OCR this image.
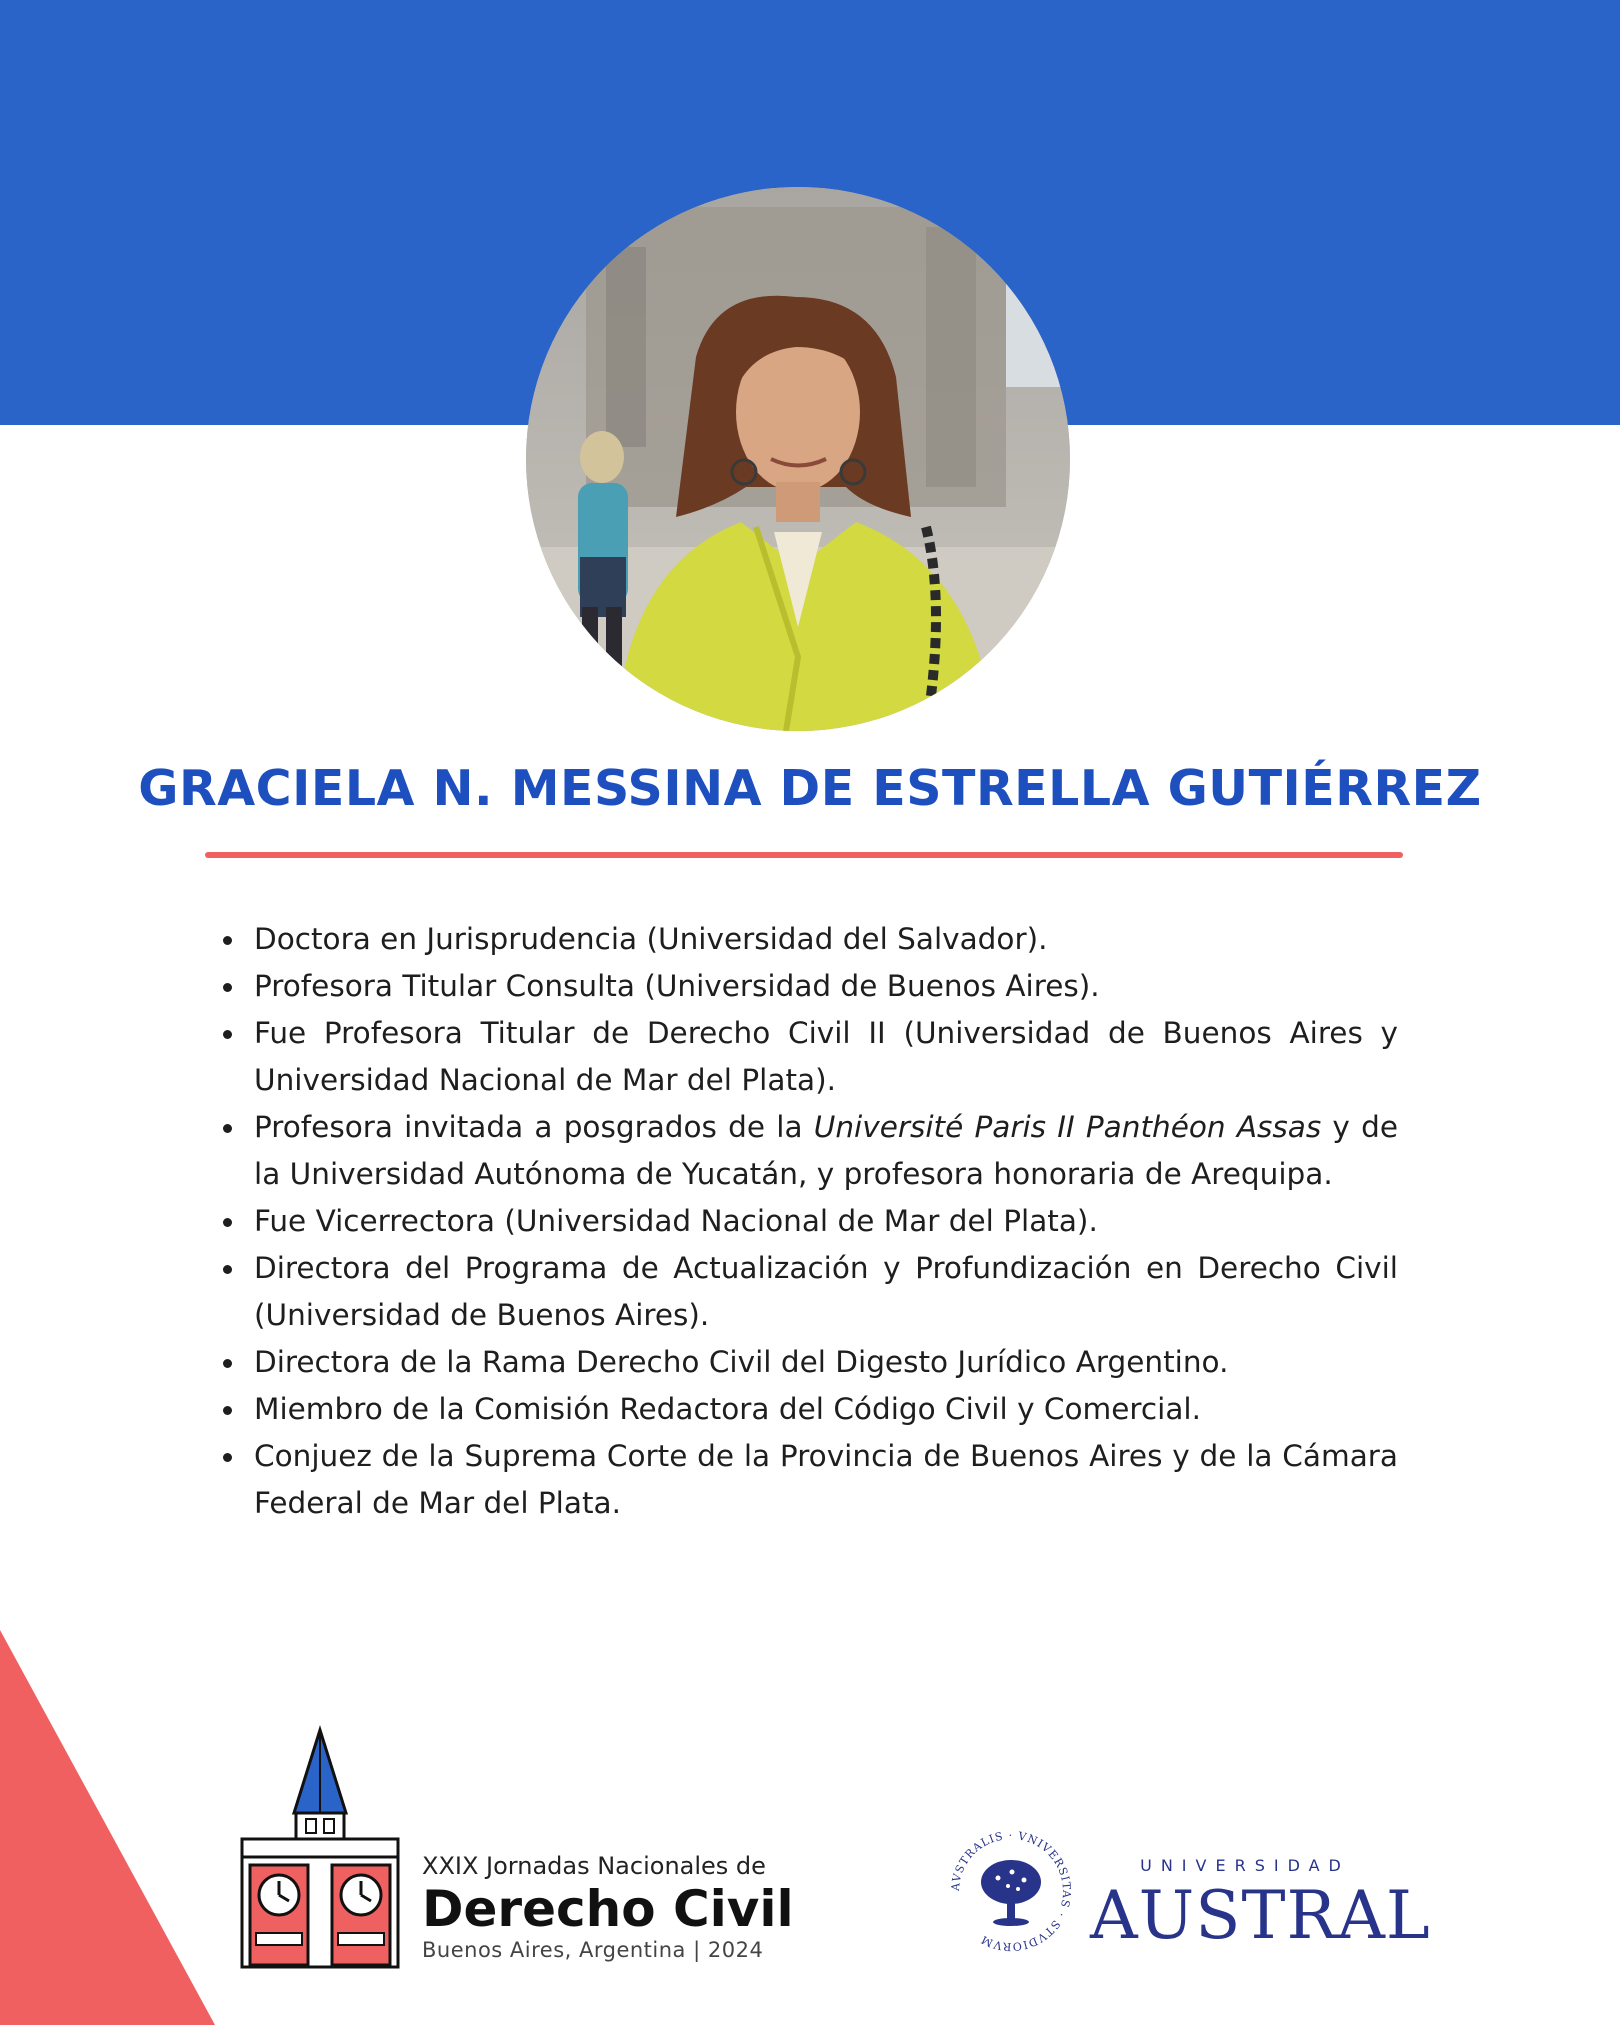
GRACIELA N. MESSINA DE ESTRELLA GUTIÉRREZ
Doctora en Jurisprudencia (Universidad del Salvador).
Profesora Titular Consulta (Universidad de Buenos Aires).
Fue Profesora Titular de Derecho Civil II (Universidad de Buenos Aires y Universidad Nacional de Mar del Plata).
Profesora invitada a posgrados de la Université Paris II Panthéon Assas y de la Universidad Autónoma de Yucatán, y profesora honoraria de Arequipa.
Fue Vicerrectora (Universidad Nacional de Mar del Plata).
Directora del Programa de Actualización y Profundización en Derecho Civil (Universidad de Buenos Aires).
Directora de la Rama Derecho Civil del Digesto Jurídico Argentino.
Miembro de la Comisión Redactora del Código Civil y Comercial.
Conjuez de la Suprema Corte de la Provincia de Buenos Aires y de la Cámara Federal de Mar del Plata.
XXIX Jornadas Nacionales de
Derecho Civil
Buenos Aires, Argentina | 2024
AVSTRALIS · VNIVERSITAS · STVDIORVM
UNIVERSIDAD
AUSTRAL
